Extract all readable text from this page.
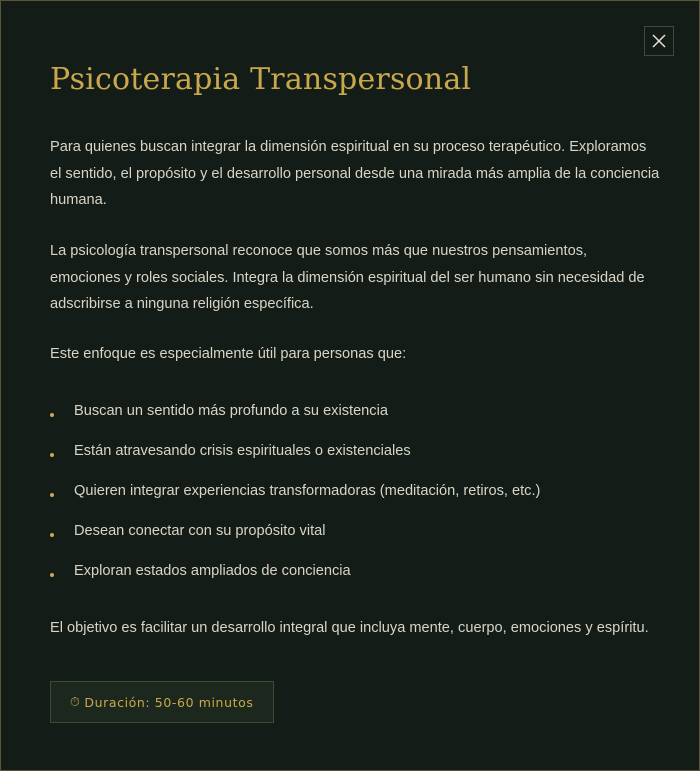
Psicoterapia Transpersonal

Para quienes buscan integrar la dimensión espiritual en su proceso terapéutico. Exploramos el sentido, el propósito y el desarrollo personal desde una mirada más amplia de la conciencia humana.

La psicología transpersonal reconoce que somos más que nuestros pensamientos, emociones y roles sociales. Integra la dimensión espiritual del ser humano sin necesidad de adscribirse a ninguna religión específica.

Este enfoque es especialmente útil para personas que:

Buscan un sentido más profundo a su existencia
Están atravesando crisis espirituales o existenciales
Quieren integrar experiencias transformadoras (meditación, retiros, etc.)
Desean conectar con su propósito vital
Exploran estados ampliados de conciencia

El objetivo es facilitar un desarrollo integral que incluya mente, cuerpo, emociones y espíritu.

⏱ Duración: 50-60 minutos
